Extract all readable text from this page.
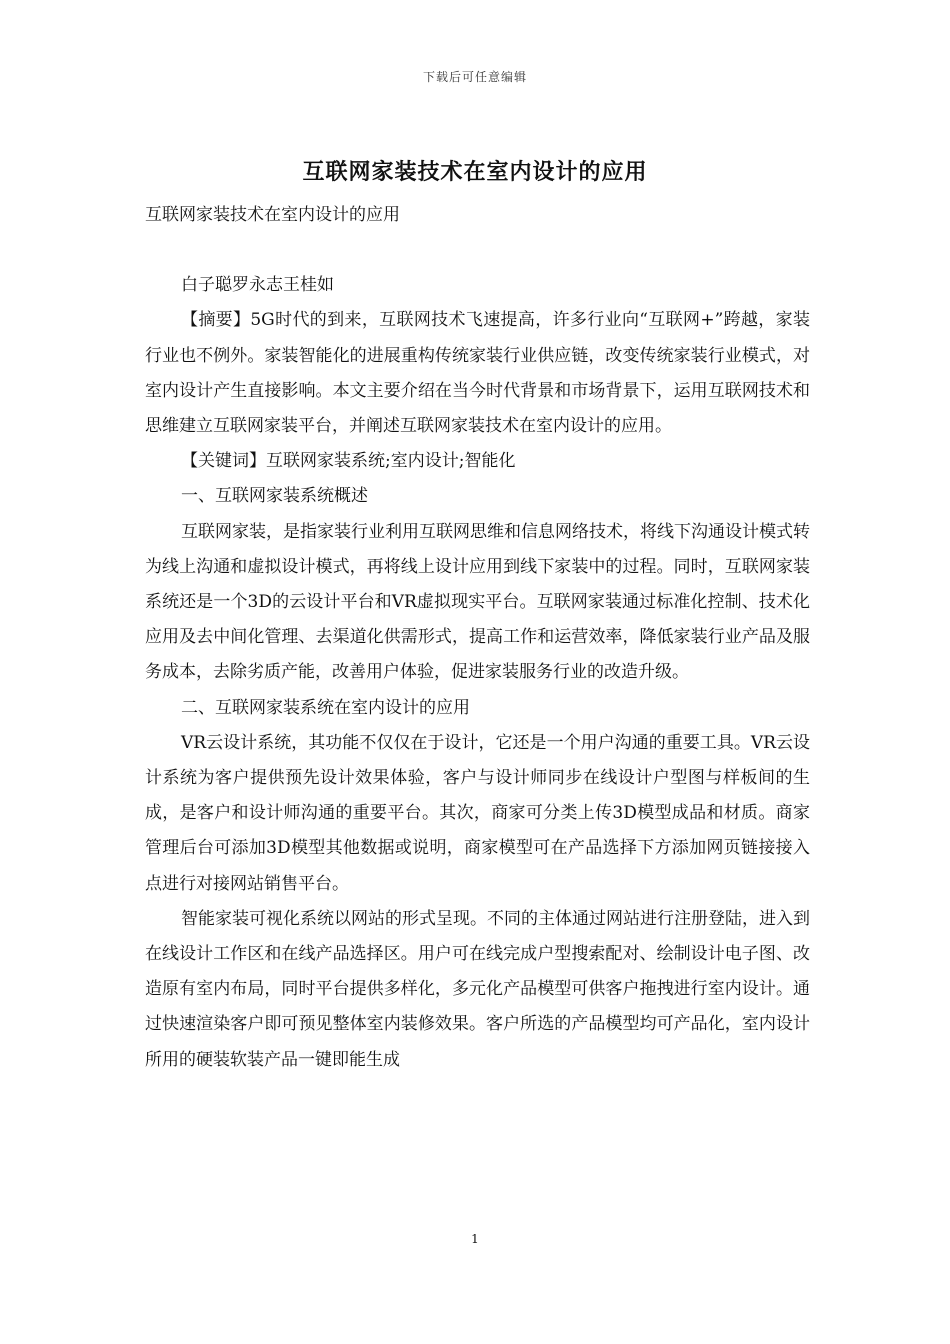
下载后可任意编辑
互联网家装技术在室内设计的应用

互联网家装技术在室内设计的应用

白子聪罗永志王桂如

【摘要】5G时代的到来，互联网技术飞速提高，许多行业向“互联网+”跨越，家装行业也不例外。家装智能化的进展重构传统家装行业供应链，改变传统家装行业模式，对室内设计产生直接影响。本文主要介绍在当今时代背景和市场背景下，运用互联网技术和思维建立互联网家装平台，并阐述互联网家装技术在室内设计的应用。

【关键词】互联网家装系统;室内设计;智能化

一、互联网家装系统概述

互联网家装，是指家装行业利用互联网思维和信息网络技术，将线下沟通设计模式转为线上沟通和虚拟设计模式，再将线上设计应用到线下家装中的过程。同时，互联网家装系统还是一个3D的云设计平台和VR虚拟现实平台。互联网家装通过标准化控制、技术化应用及去中间化管理、去渠道化供需形式，提高工作和运营效率，降低家装行业产品及服务成本，去除劣质产能，改善用户体验，促进家装服务行业的改造升级。

二、互联网家装系统在室内设计的应用

VR云设计系统，其功能不仅仅在于设计，它还是一个用户沟通的重要工具。VR云设计系统为客户提供预先设计效果体验，客户与设计师同步在线设计户型图与样板间的生成，是客户和设计师沟通的重要平台。其次，商家可分类上传3D模型成品和材质。商家管理后台可添加3D模型其他数据或说明，商家模型可在产品选择下方添加网页链接接入点进行对接网站销售平台。

智能家装可视化系统以网站的形式呈现。不同的主体通过网站进行注册登陆，进入到在线设计工作区和在线产品选择区。用户可在线完成户型搜索配对、绘制设计电子图、改造原有室内布局，同时平台提供多样化，多元化产品模型可供客户拖拽进行室内设计。通过快速渲染客户即可预见整体室内装修效果。客户所选的产品模型均可产品化，室内设计所用的硬装软装产品一键即能生成

1
